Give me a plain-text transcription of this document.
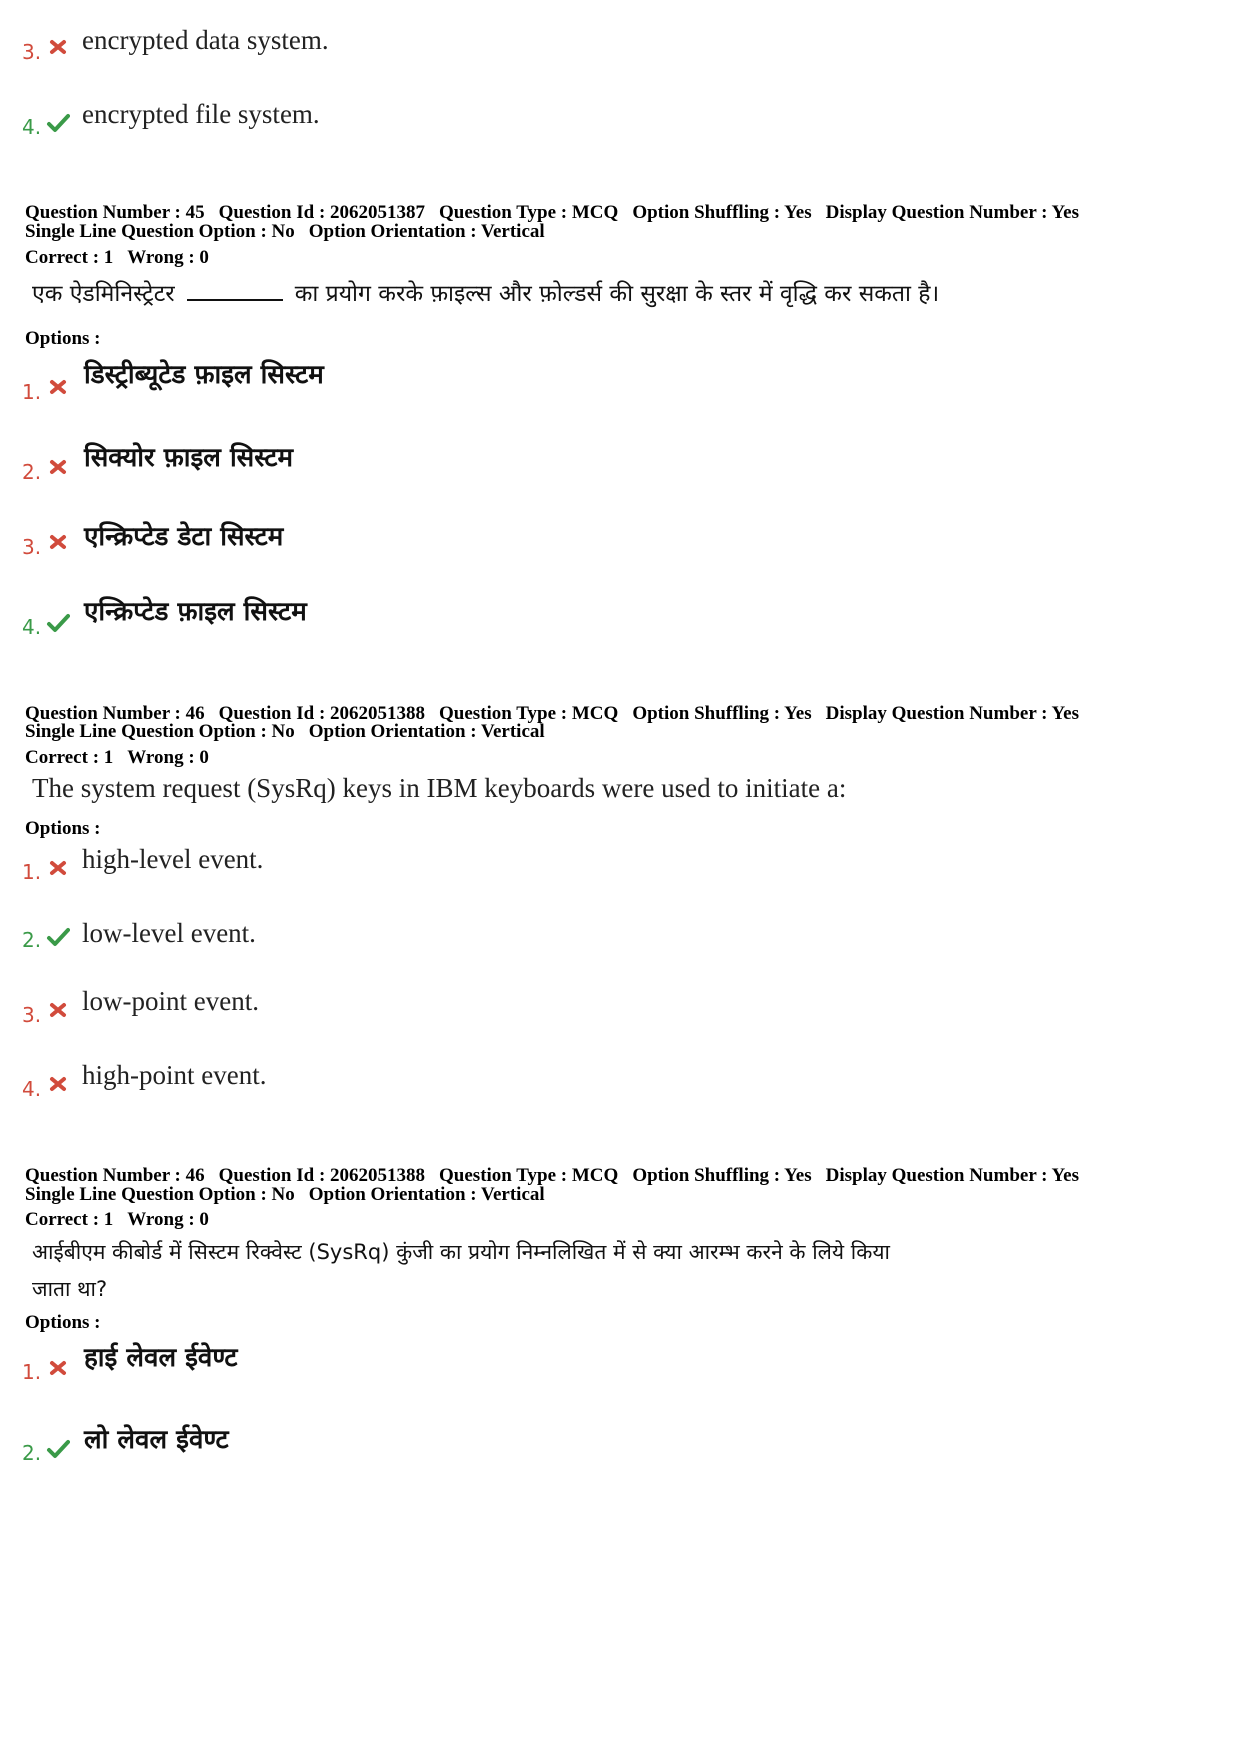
3. encrypted data system.
4. encrypted file system.
Question Number : 45 Question Id : 2062051387 Question Type : MCQ Option Shuffling : Yes Display Question Number : Yes
Single Line Question Option : No Option Orientation : Vertical
Correct : 1 Wrong : 0
एक ऐडमिनिस्ट्रेटर	का प्रयोग करके फ़ाइल्स और फ़ोल्डर्स की सुरक्षा के स्तर में वृद्धि कर सकता है।
Options :
1.
डिस्ट्रीब्यूटेड फ़ाइल सिस्टम
2. सिक्योर फ़ाइल सिस्टम
3. एन्क्रिप्टेड डेटा सिस्टम
4. एन्क्रिप्टेड फ़ाइल सिस्टम
Question Number : 46 Question Id : 2062051388 Question Type : MCQ Option Shuffling : Yes Display Question Number : Yes
Single Line Question Option : No Option Orientation : Vertical
Correct : 1 Wrong : 0
The system request (SysRq) keys in IBM keyboards were used to initiate a:
Options :
1. high-level event.
2. low-level event.
3. low-point event.
4. high-point event.
Question Number : 46 Question Id : 2062051388 Question Type : MCQ Option Shuffling : Yes Display Question Number : Yes
Single Line Question Option : No Option Orientation : Vertical
Correct : 1 Wrong : 0
आईबीएम कीबोर्ड में सिस्टम रिक्वेस्ट (SysRq) कुंजी का प्रयोग निम्नलिखित में से क्या आरम्भ करने के लिये किया
जाता था?
Options :
1. हाई लेवल ईवेण्ट
2. लो लेवल ईवेण्ट
